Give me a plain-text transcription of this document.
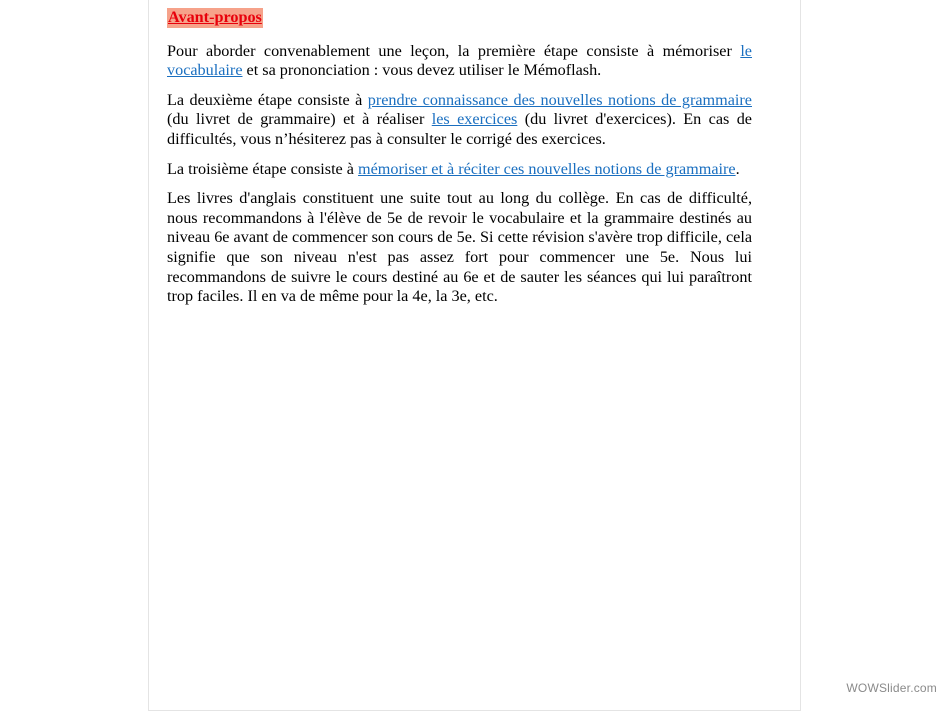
Avant-propos

Pour aborder convenablement une leçon, la première étape consiste à mémoriser le vocabulaire et sa prononciation : vous devez utiliser le Mémoflash.

La deuxième étape consiste à prendre connaissance des nouvelles notions de grammaire (du livret de grammaire) et à réaliser les exercices (du livret d'exercices). En cas de difficultés, vous n’hésiterez pas à consulter le corrigé des exercices.

La troisième étape consiste à mémoriser et à réciter ces nouvelles notions de grammaire.

Les livres d'anglais constituent une suite tout au long du collège. En cas de difficulté, nous recommandons à l'élève de 5e de revoir le vocabulaire et la grammaire destinés au niveau 6e avant de commencer son cours de 5e. Si cette révision s'avère trop difficile, cela signifie que son niveau n'est pas assez fort pour commencer une 5e. Nous lui recommandons de suivre le cours destiné au 6e et de sauter les séances qui lui paraîtront trop faciles. Il en va de même pour la 4e, la 3e, etc.

WOWSlider.com
